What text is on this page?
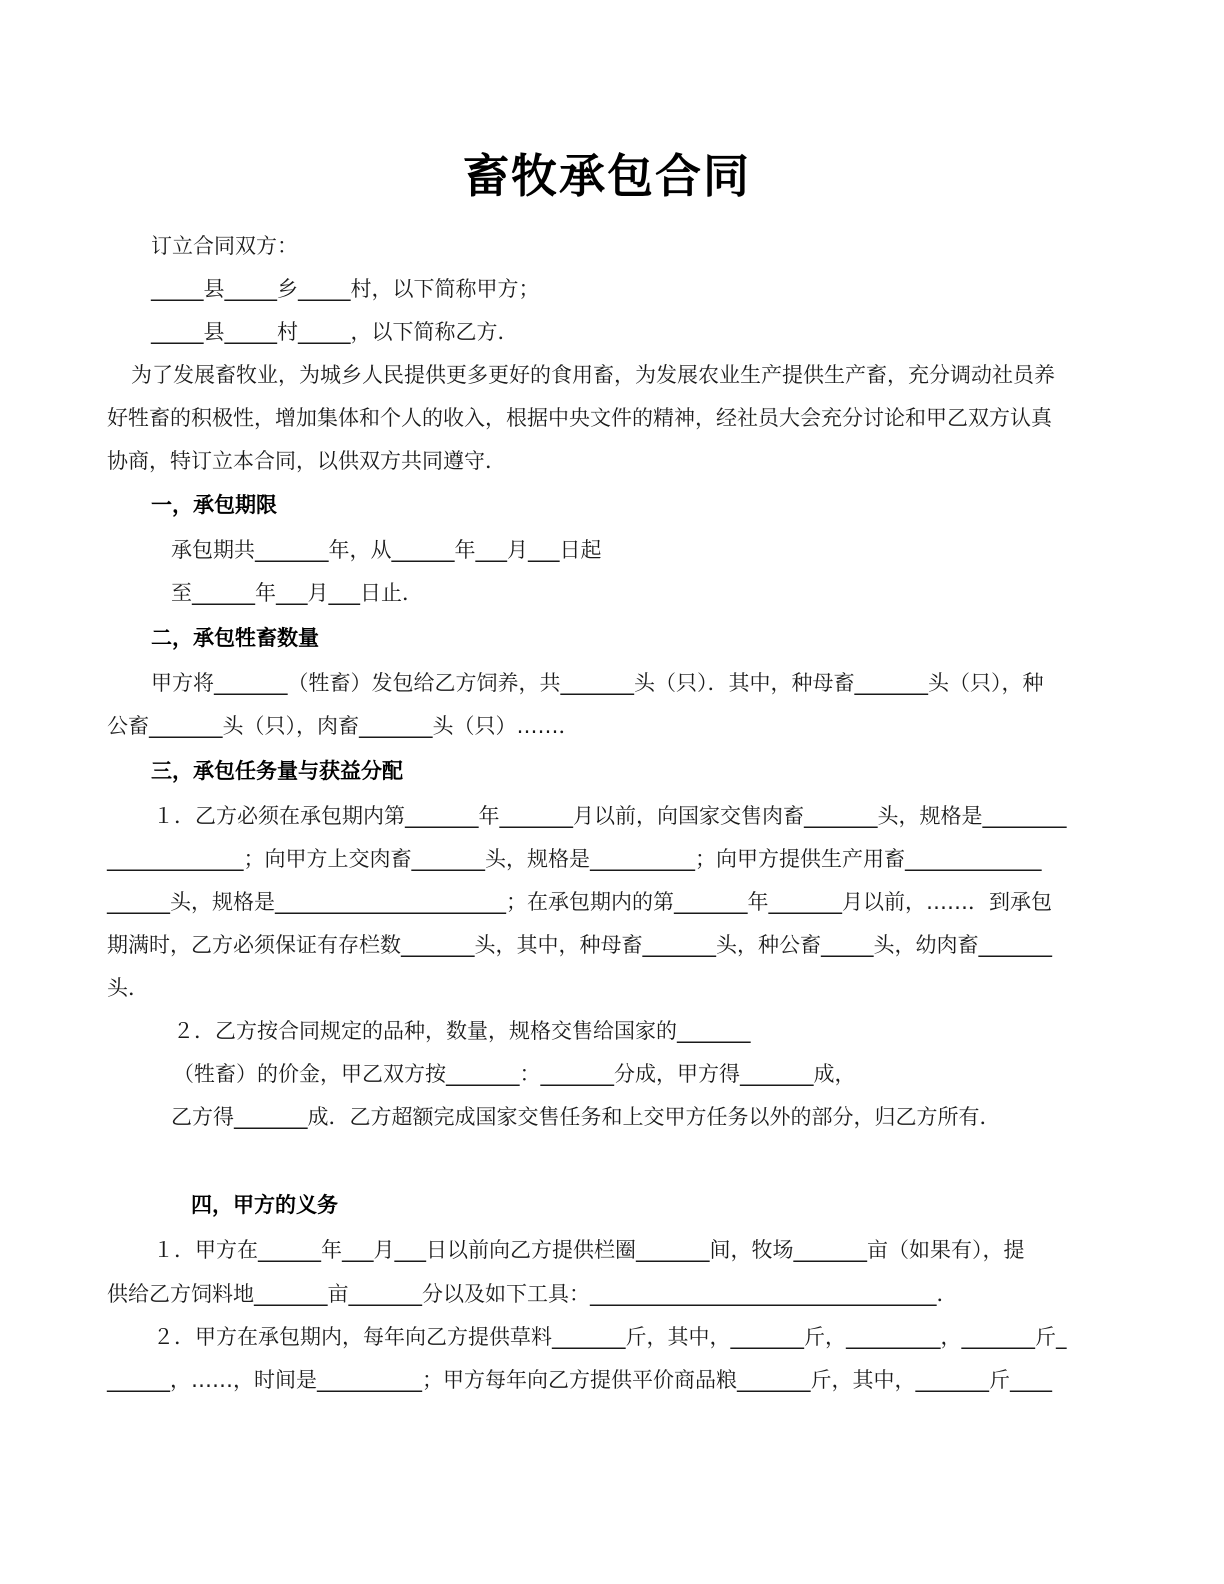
畜牧承包合同
订立合同双方：
_____县_____乡_____村，以下简称甲方；
_____县_____村_____，以下简称乙方．
为了发展畜牧业，为城乡人民提供更多更好的食用畜，为发展农业生产提供生产畜，充分调动社员养
好牲畜的积极性，增加集体和个人的收入，根据中央文件的精神，经社员大会充分讨论和甲乙双方认真
协商，特订立本合同，以供双方共同遵守．
一，承包期限
承包期共_______年，从______年___月___日起
至______年___月___日止．
二，承包牲畜数量
甲方将_______（牲畜）发包给乙方饲养，共_______头（只）．其中，种母畜_______头（只），种
公畜_______头（只），肉畜_______头（只）……．
三，承包任务量与获益分配
１．乙方必须在承包期内第_______年_______月以前，向国家交售肉畜_______头，规格是________
_____________；向甲方上交肉畜_______头，规格是__________；向甲方提供生产用畜_____________
______头，规格是______________________；在承包期内的第_______年_______月以前，……．到承包
期满时，乙方必须保证有存栏数_______头，其中，种母畜_______头，种公畜_____头，幼肉畜_______
头．
２．乙方按合同规定的品种，数量，规格交售给国家的_______
（牲畜）的价金，甲乙双方按_______：_______分成，甲方得_______成，
乙方得_______成．乙方超额完成国家交售任务和上交甲方任务以外的部分，归乙方所有．
四，甲方的义务
１．甲方在______年___月___日以前向乙方提供栏圈_______间，牧场_______亩（如果有），提
供给乙方饲料地_______亩_______分以及如下工具：_________________________________．
２．甲方在承包期内，每年向乙方提供草料_______斤，其中，_______斤，_________，_______斤_
______，……，时间是__________；甲方每年向乙方提供平价商品粮_______斤，其中，_______斤____
